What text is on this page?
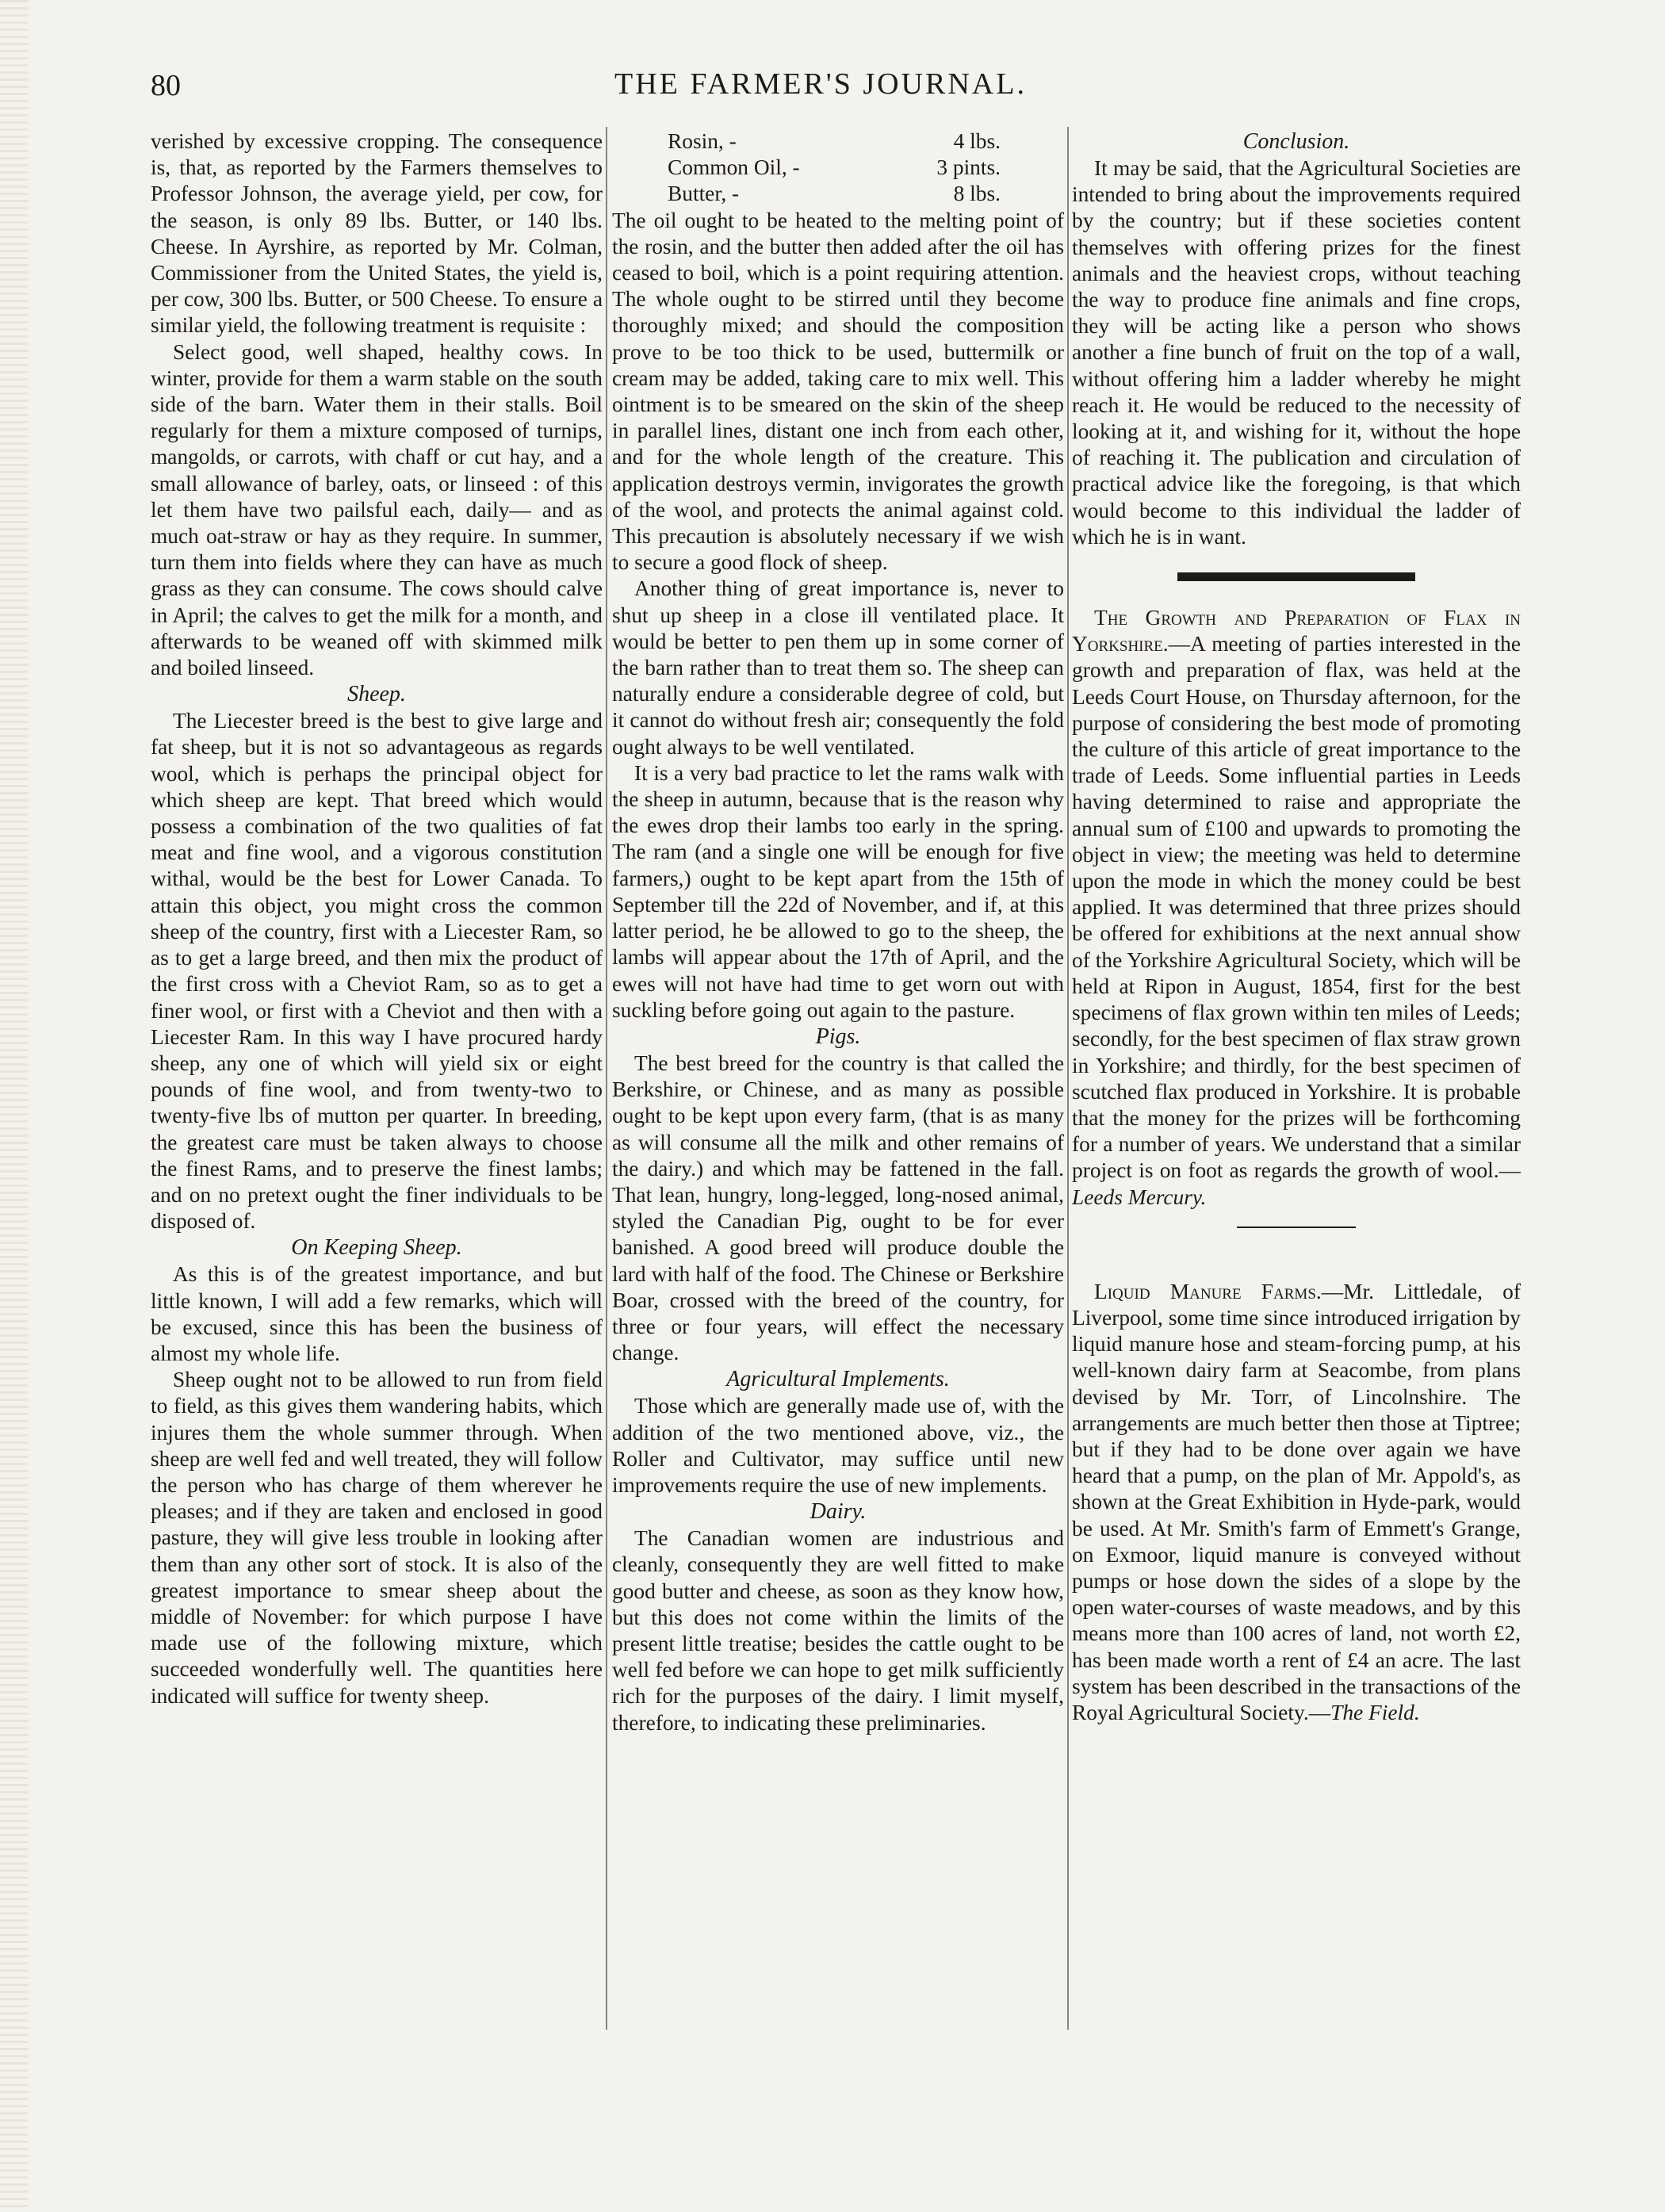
80	THE FARMER'S JOURNAL.

verished by excessive cropping. The consequence is, that, as reported by the Farmers themselves to Professor Johnson, the average yield, per cow, for the season, is only 89 lbs. Butter, or 140 lbs. Cheese. In Ayrshire, as reported by Mr. Colman, Commissioner from the United States, the yield is, per cow, 300 lbs. Butter, or 500 Cheese. To ensure a similar yield, the following treatment is requisite :

Select good, well shaped, healthy cows. In winter, provide for them a warm stable on the south side of the barn. Water them in their stalls. Boil regularly for them a mixture composed of turnips, mangolds, or carrots, with chaff or cut hay, and a small allowance of barley, oats, or linseed : of this let them have two pailsful each, daily— and as much oat-straw or hay as they require. In summer, turn them into fields where they can have as much grass as they can consume. The cows should calve in April; the calves to get the milk for a month, and afterwards to be weaned off with skimmed milk and boiled linseed.

Sheep.

The Liecester breed is the best to give large and fat sheep, but it is not so advantageous as regards wool, which is perhaps the principal object for which sheep are kept. That breed which would possess a combination of the two qualities of fat meat and fine wool, and a vigorous constitution withal, would be the best for Lower Canada. To attain this object, you might cross the common sheep of the country, first with a Liecester Ram, so as to get a large breed, and then mix the product of the first cross with a Cheviot Ram, so as to get a finer wool, or first with a Cheviot and then with a Liecester Ram. In this way I have procured hardy sheep, any one of which will yield six or eight pounds of fine wool, and from twenty-two to twenty-five lbs of mutton per quarter. In breeding, the greatest care must be taken always to choose the finest Rams, and to preserve the finest lambs; and on no pretext ought the finer individuals to be disposed of.

On Keeping Sheep.

As this is of the greatest importance, and but little known, I will add a few remarks, which will be excused, since this has been the business of almost my whole life.

Sheep ought not to be allowed to run from field to field, as this gives them wandering habits, which injures them the whole summer through. When sheep are well fed and well treated, they will follow the person who has charge of them wherever he pleases; and if they are taken and enclosed in good pasture, they will give less trouble in looking after them than any other sort of stock. It is also of the greatest importance to smear sheep about the middle of November: for which purpose I have made use of the following mixture, which succeeded wonderfully well. The quantities here indicated will suffice for twenty sheep.

Rosin, -	4 lbs.
Common Oil, -	3 pints.
Butter, -	8 lbs.

The oil ought to be heated to the melting point of the rosin, and the butter then added after the oil has ceased to boil, which is a point requiring attention. The whole ought to be stirred until they become thoroughly mixed; and should the composition prove to be too thick to be used, buttermilk or cream may be added, taking care to mix well. This ointment is to be smeared on the skin of the sheep in parallel lines, distant one inch from each other, and for the whole length of the creature. This application destroys vermin, invigorates the growth of the wool, and protects the animal against cold. This precaution is absolutely necessary if we wish to secure a good flock of sheep.

Another thing of great importance is, never to shut up sheep in a close ill ventilated place. It would be better to pen them up in some corner of the barn rather than to treat them so. The sheep can naturally endure a considerable degree of cold, but it cannot do without fresh air; consequently the fold ought always to be well ventilated.

It is a very bad practice to let the rams walk with the sheep in autumn, because that is the reason why the ewes drop their lambs too early in the spring. The ram (and a single one will be enough for five farmers,) ought to be kept apart from the 15th of September till the 22d of November, and if, at this latter period, he be allowed to go to the sheep, the lambs will appear about the 17th of April, and the ewes will not have had time to get worn out with suckling before going out again to the pasture.

Pigs.

The best breed for the country is that called the Berkshire, or Chinese, and as many as possible ought to be kept upon every farm, (that is as many as will consume all the milk and other remains of the dairy.) and which may be fattened in the fall. That lean, hungry, long-legged, long-nosed animal, styled the Canadian Pig, ought to be for ever banished. A good breed will produce double the lard with half of the food. The Chinese or Berkshire Boar, crossed with the breed of the country, for three or four years, will effect the necessary change.

Agricultural Implements.

Those which are generally made use of, with the addition of the two mentioned above, viz., the Roller and Cultivator, may suffice until new improvements require the use of new implements.

Dairy.

The Canadian women are industrious and cleanly, consequently they are well fitted to make good butter and cheese, as soon as they know how, but this does not come within the limits of the present little treatise; besides the cattle ought to be well fed before we can hope to get milk sufficiently rich for the purposes of the dairy. I limit myself, therefore, to indicating these preliminaries.

Conclusion.

It may be said, that the Agricultural Societies are intended to bring about the improvements required by the country; but if these societies content themselves with offering prizes for the finest animals and the heaviest crops, without teaching the way to produce fine animals and fine crops, they will be acting like a person who shows another a fine bunch of fruit on the top of a wall, without offering him a ladder whereby he might reach it. He would be reduced to the necessity of looking at it, and wishing for it, without the hope of reaching it. The publication and circulation of practical advice like the foregoing, is that which would become to this individual the ladder of which he is in want.

The Growth and Preparation of Flax in Yorkshire.—A meeting of parties interested in the growth and preparation of flax, was held at the Leeds Court House, on Thursday afternoon, for the purpose of considering the best mode of promoting the culture of this article of great importance to the trade of Leeds. Some influential parties in Leeds having determined to raise and appropriate the annual sum of £100 and upwards to promoting the object in view; the meeting was held to determine upon the mode in which the money could be best applied. It was determined that three prizes should be offered for exhibitions at the next annual show of the Yorkshire Agricultural Society, which will be held at Ripon in August, 1854, first for the best specimens of flax grown within ten miles of Leeds; secondly, for the best specimen of flax straw grown in Yorkshire; and thirdly, for the best specimen of scutched flax produced in Yorkshire. It is probable that the money for the prizes will be forthcoming for a number of years. We understand that a similar project is on foot as regards the growth of wool.—Leeds Mercury.

Liquid Manure Farms.—Mr. Littledale, of Liverpool, some time since introduced irrigation by liquid manure hose and steam-forcing pump, at his well-known dairy farm at Seacombe, from plans devised by Mr. Torr, of Lincolnshire. The arrangements are much better then those at Tiptree; but if they had to be done over again we have heard that a pump, on the plan of Mr. Appold's, as shown at the Great Exhibition in Hyde-park, would be used. At Mr. Smith's farm of Emmett's Grange, on Exmoor, liquid manure is conveyed without pumps or hose down the sides of a slope by the open water-courses of waste meadows, and by this means more than 100 acres of land, not worth £2, has been made worth a rent of £4 an acre. The last system has been described in the transactions of the Royal Agricultural Society.—The Field.
